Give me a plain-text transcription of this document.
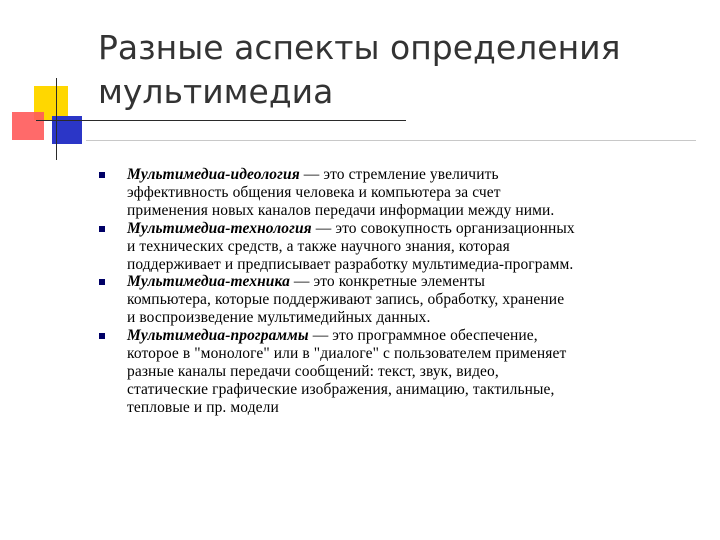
Разные аспекты определения
мультимедиа
Мультимедиа-идеология — это стремление увеличить
эффективность общения человека и компьютера за счет
применения новых каналов передачи информации между ними.
Мультимедиа-технология — это совокупность организационных
и технических средств, а также научного знания, которая
поддерживает и предписывает разработку мультимедиа-программ.
Мультимедиа-техника — это конкретные элементы
компьютера, которые поддерживают запись, обработку, хранение
и воспроизведение мультимедийных данных.
Мультимедиа-программы — это программное обеспечение,
которое в "монологе" или в "диалоге" с пользователем применяет
разные каналы передачи сообщений: текст, звук, видео,
статические графические изображения, анимацию, тактильные,
тепловые и пр. модели
